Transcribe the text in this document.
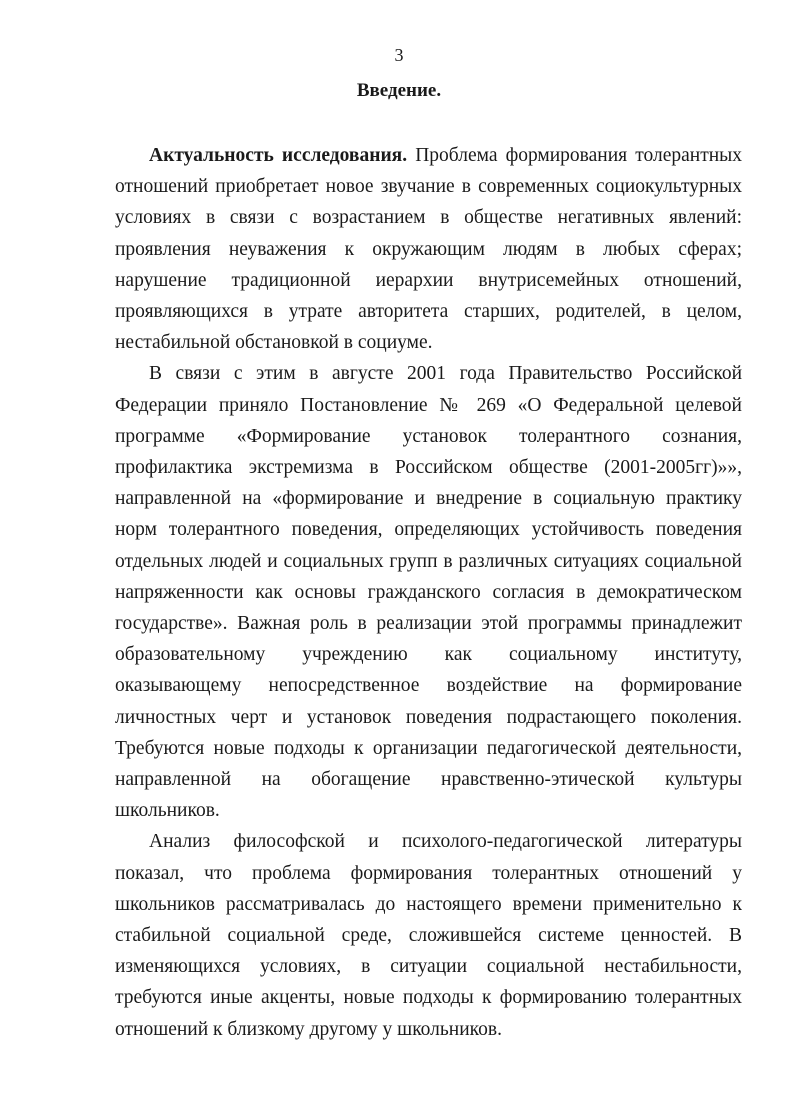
3
Введение.

Актуальность исследования. Проблема формирования толерантных отношений приобретает новое звучание в современных социокультурных условиях в связи с возрастанием в обществе негативных явлений: проявления неуважения к окружающим людям в любых сферах; нарушение традиционной иерархии внутрисемейных отношений, проявляющихся в утрате авторитета старших, родителей, в целом, нестабильной обстановкой в социуме.

В связи с этим в августе 2001 года Правительство Российской Федерации приняло Постановление № 269 «О Федеральной целевой программе «Формирование установок толерантного сознания, профилактика экстремизма в Российском обществе (2001-2005гг)»», направленной на «формирование и внедрение в социальную практику норм толерантного поведения, определяющих устойчивость поведения отдельных людей и социальных групп в различных ситуациях социальной напряженности как основы гражданского согласия в демократическом государстве». Важная роль в реализации этой программы принадлежит образовательному учреждению как социальному институту, оказывающему непосредственное воздействие на формирование личностных черт и установок поведения подрастающего поколения. Требуются новые подходы к организации педагогической деятельности, направленной на обогащение нравственно-этической культуры школьников.

Анализ философской и психолого-педагогической литературы показал, что проблема формирования толерантных отношений у школьников рассматривалась до настоящего времени применительно к стабильной социальной среде, сложившейся системе ценностей. В изменяющихся условиях, в ситуации социальной нестабильности, требуются иные акценты, новые подходы к формированию толерантных отношений к близкому другому у школьников.
